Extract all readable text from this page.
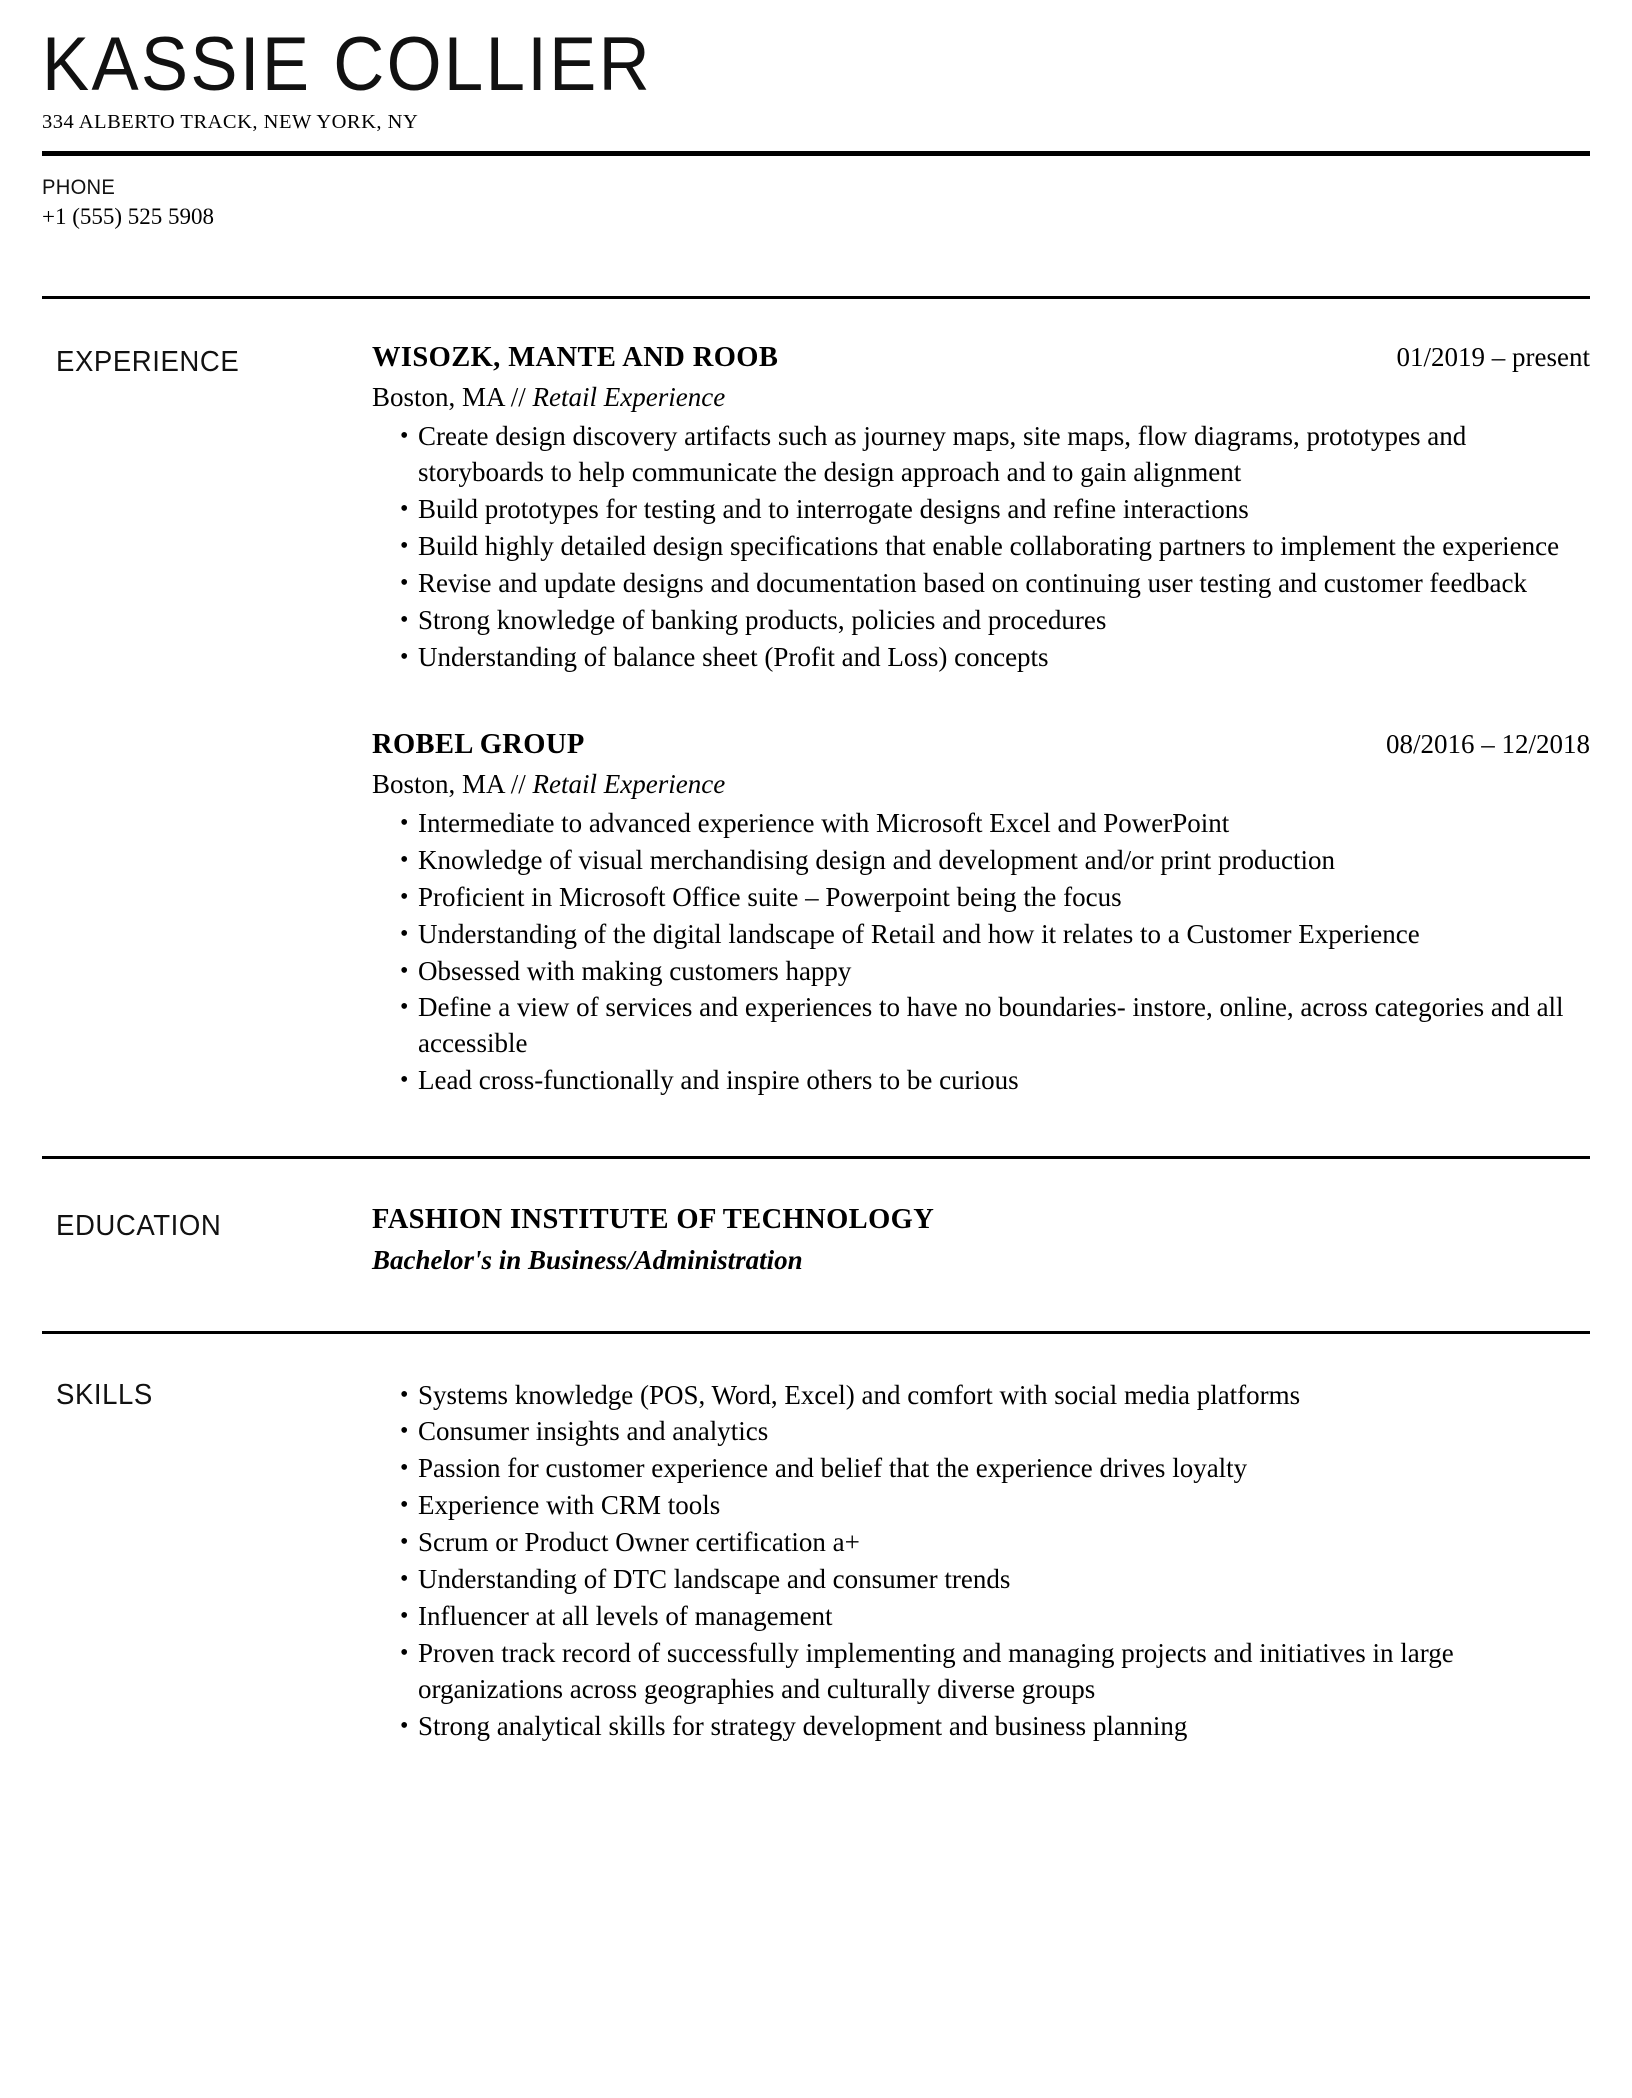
KASSIE COLLIER
334 ALBERTO TRACK, NEW YORK, NY
PHONE
+1 (555) 525 5908
EXPERIENCE	WISOZK, MANTE AND ROOB	01/2019 – present
Boston, MA // Retail Experience
• Create design discovery artifacts such as journey maps, site maps, flow diagrams, prototypes and storyboards to help communicate the design approach and to gain alignment
• Build prototypes for testing and to interrogate designs and refine interactions
• Build highly detailed design specifications that enable collaborating partners to implement the experience
• Revise and update designs and documentation based on continuing user testing and customer feedback
• Strong knowledge of banking products, policies and procedures
• Understanding of balance sheet (Profit and Loss) concepts
ROBEL GROUP	08/2016 – 12/2018
Boston, MA // Retail Experience
• Intermediate to advanced experience with Microsoft Excel and PowerPoint
• Knowledge of visual merchandising design and development and/or print production
• Proficient in Microsoft Office suite – Powerpoint being the focus
• Understanding of the digital landscape of Retail and how it relates to a Customer Experience
• Obsessed with making customers happy
• Define a view of services and experiences to have no boundaries- instore, online, across categories and all accessible
• Lead cross-functionally and inspire others to be curious
EDUCATION	FASHION INSTITUTE OF TECHNOLOGY
Bachelor's in Business/Administration
SKILLS	• Systems knowledge (POS, Word, Excel) and comfort with social media platforms
• Consumer insights and analytics
• Passion for customer experience and belief that the experience drives loyalty
• Experience with CRM tools
• Scrum or Product Owner certification a+
• Understanding of DTC landscape and consumer trends
• Influencer at all levels of management
• Proven track record of successfully implementing and managing projects and initiatives in large organizations across geographies and culturally diverse groups
• Strong analytical skills for strategy development and business planning
